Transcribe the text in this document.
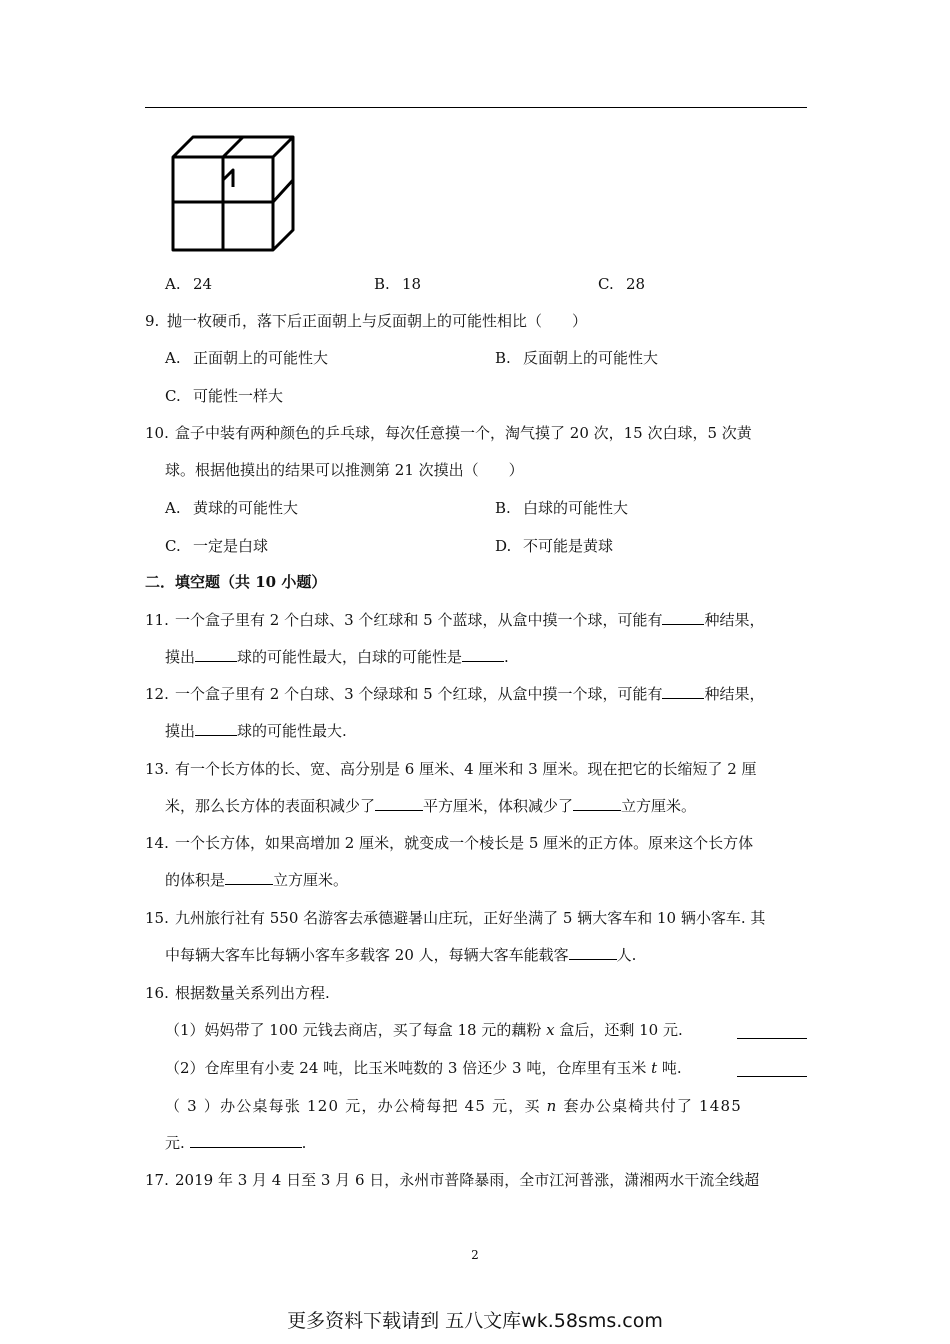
A. 24	B. 18	C. 28
9. 抛一枚硬币，落下后正面朝上与反面朝上的可能性相比（　　）
A. 正面朝上的可能性大	B. 反面朝上的可能性大
C. 可能性一样大
10. 盒子中装有两种颜色的乒乓球，每次任意摸一个，淘气摸了 20 次，15 次白球，5 次黄
球。根据他摸出的结果可以推测第 21 次摸出（　　）
A. 黄球的可能性大	B. 白球的可能性大
C. 一定是白球	D. 不可能是黄球
二．填空题（共 10 小题）
11. 一个盒子里有 2 个白球、3 个红球和 5 个蓝球，从盒中摸一个球，可能有	种结果，
摸出	球的可能性最大，白球的可能性是	.
12. 一个盒子里有 2 个白球、3 个绿球和 5 个红球，从盒中摸一个球，可能有	种结果，
摸出	球的可能性最大.
13. 有一个长方体的长、宽、高分别是 6 厘米、4 厘米和 3 厘米。现在把它的长缩短了 2 厘
米，那么长方体的表面积减少了	平方厘米，体积减少了	立方厘米。
14. 一个长方体，如果高增加 2 厘米，就变成一个棱长是 5 厘米的正方体。原来这个长方体
的体积是	立方厘米。
15. 九州旅行社有 550 名游客去承德避暑山庄玩，正好坐满了 5 辆大客车和 10 辆小客车. 其
中每辆大客车比每辆小客车多载客 20 人，每辆大客车能载客	人.
16. 根据数量关系列出方程.
（1）妈妈带了 100 元钱去商店，买了每盒 18 元的藕粉 x 盒后，还剩 10 元.
（2）仓库里有小麦 24 吨，比玉米吨数的 3 倍还少 3 吨，仓库里有玉米 t 吨.
（ 3 ）办公桌每张 120 元，办公椅每把 45 元，买 n 套办公桌椅共付了 1485
元.	.
17. 2019 年 3 月 4 日至 3 月 6 日，永州市普降暴雨，全市江河普涨，潇湘两水干流全线超
2
更多资料下载请到 五八文库wk.58sms.com
